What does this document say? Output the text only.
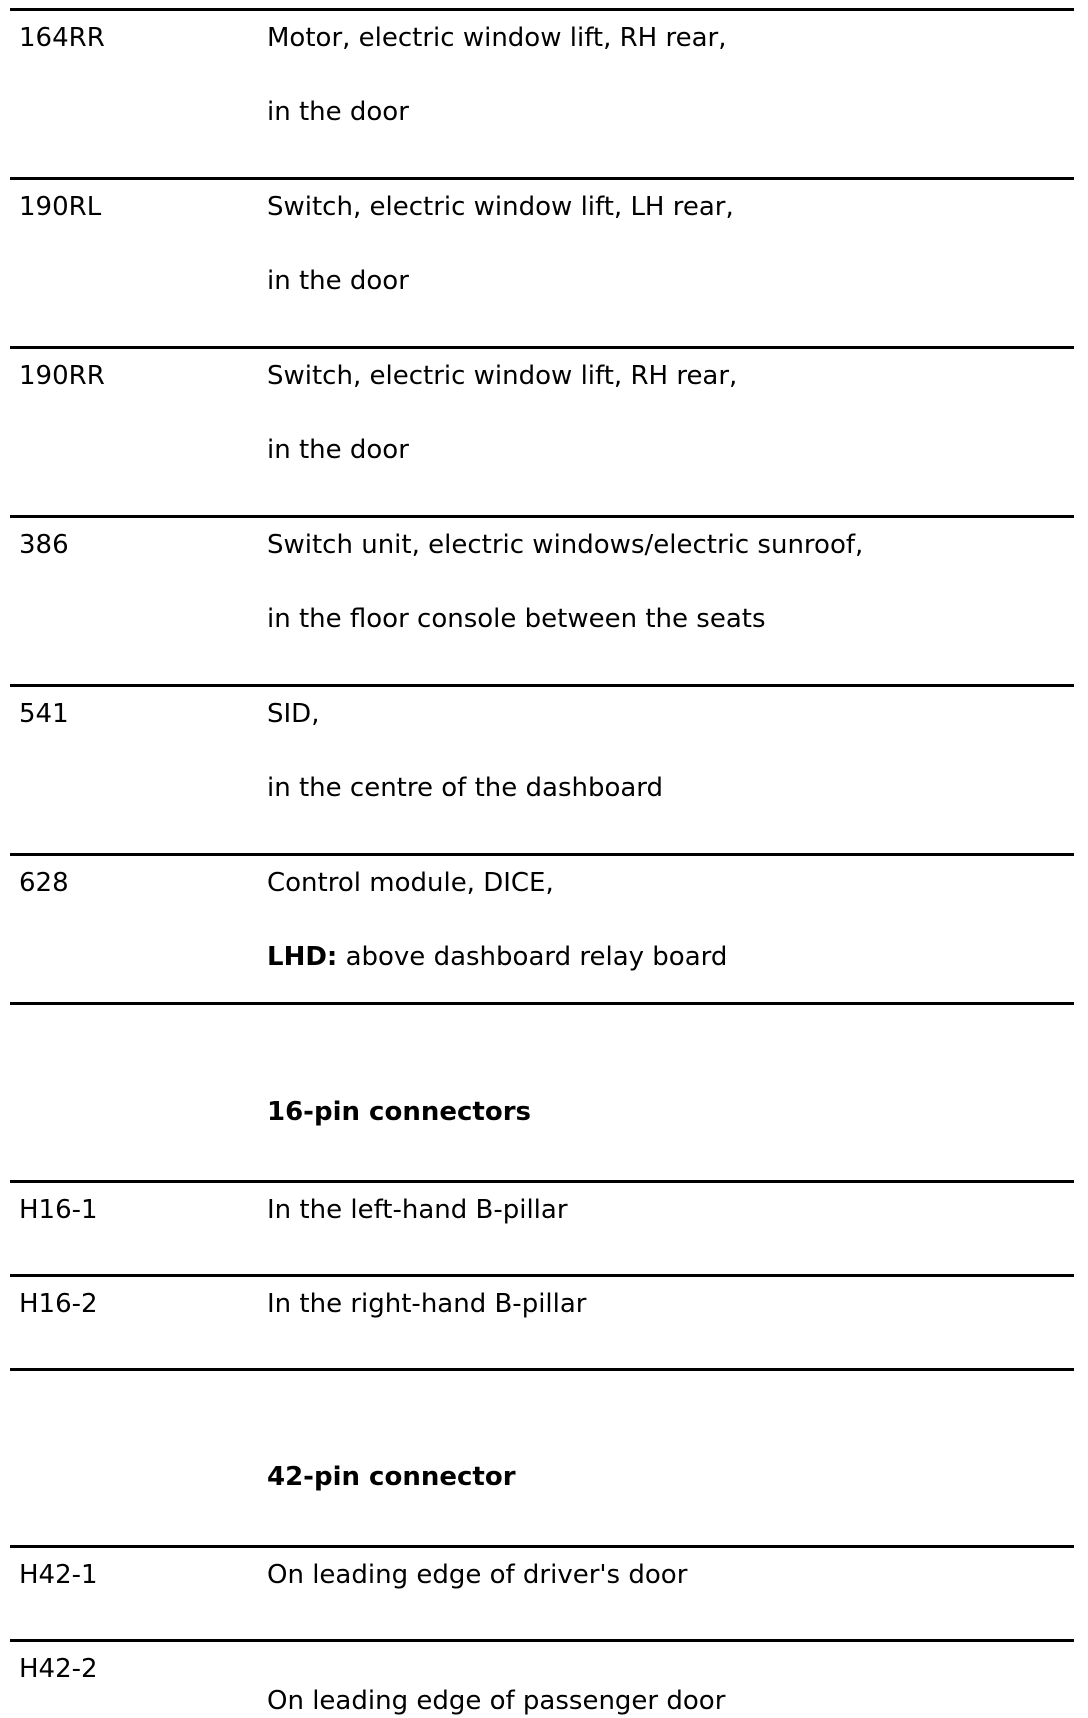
164RR	Motor, electric window lift, RH rear,
in the door
190RL	Switch, electric window lift, LH rear,
in the door
190RR	Switch, electric window lift, RH rear,
in the door
386	Switch unit, electric windows/electric sunroof,
in the floor console between the seats
541	SID,
in the centre of the dashboard
628	Control module, DICE,
LHD: above dashboard relay board
16-pin connectors
H16-1	In the left-hand B-pillar
H16-2	In the right-hand B-pillar
42-pin connector
H42-1	On leading edge of driver's door
H42-2
On leading edge of passenger door
